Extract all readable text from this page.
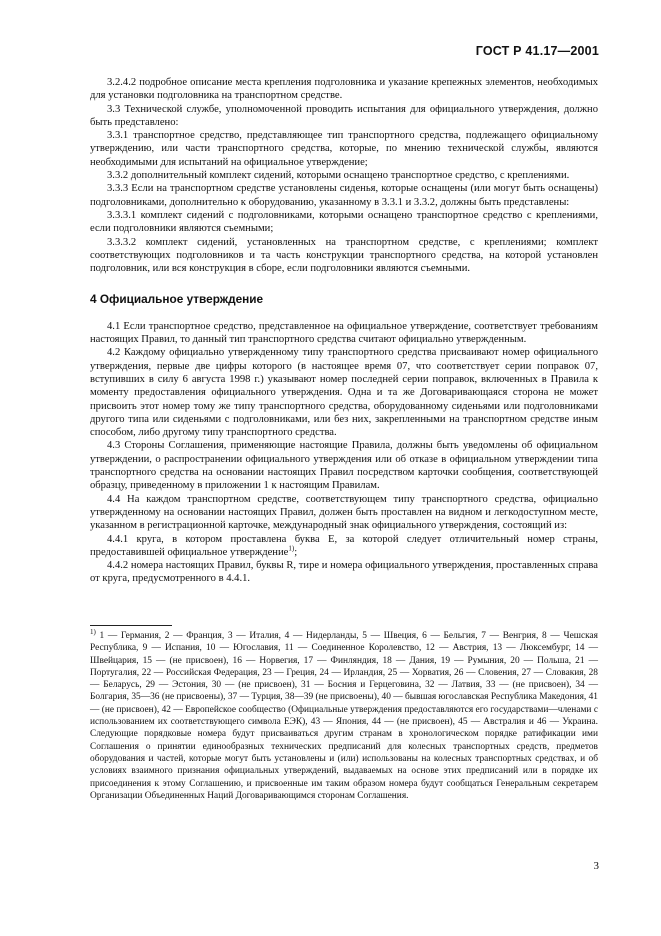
ГОСТ Р 41.17—2001

3.2.4.2 подробное описание места крепления подголовника и указание крепежных элементов, необходимых для установки подголовника на транспортном средстве.

3.3 Технической службе, уполномоченной проводить испытания для официального утверждения, должно быть представлено:

3.3.1 транспортное средство, представляющее тип транспортного средства, подлежащего официальному утверждению, или части транспортного средства, которые, по мнению технической службы, являются необходимыми для испытаний на официальное утверждение;

3.3.2 дополнительный комплект сидений, которыми оснащено транспортное средство, с креплениями.

3.3.3 Если на транспортном средстве установлены сиденья, которые оснащены (или могут быть оснащены) подголовниками, дополнительно к оборудованию, указанному в 3.3.1 и 3.3.2, должны быть представлены:

3.3.3.1 комплект сидений с подголовниками, которыми оснащено транспортное средство с креплениями, если подголовники являются съемными;

3.3.3.2 комплект сидений, установленных на транспортном средстве, с креплениями; комплект соответствующих подголовников и та часть конструкции транспортного средства, на которой установлен подголовник, или вся конструкция в сборе, если подголовники являются съемными.

4 Официальное утверждение

4.1 Если транспортное средство, представленное на официальное утверждение, соответствует требованиям настоящих Правил, то данный тип транспортного средства считают официально утвержденным.

4.2 Каждому официально утвержденному типу транспортного средства присваивают номер официального утверждения, первые две цифры которого (в настоящее время 07, что соответствует серии поправок 07, вступивших в силу 6 августа 1998 г.) указывают номер последней серии поправок, включенных в Правила к моменту предоставления официального утверждения. Одна и та же Договаривающаяся сторона не может присвоить этот номер тому же типу транспортного средства, оборудованному сиденьями или подголовниками другого типа или сиденьями с подголовниками, или без них, закрепленными на транспортном средстве иным способом, либо другому типу транспортного средства.

4.3 Стороны Соглашения, применяющие настоящие Правила, должны быть уведомлены об официальном утверждении, о распространении официального утверждения или об отказе в официальном утверждении типа транспортного средства на основании настоящих Правил посредством карточки сообщения, соответствующей образцу, приведенному в приложении 1 к настоящим Правилам.

4.4 На каждом транспортном средстве, соответствующем типу транспортного средства, официально утвержденному на основании настоящих Правил, должен быть проставлен на видном и легкодоступном месте, указанном в регистрационной карточке, международный знак официального утверждения, состоящий из:

4.4.1 круга, в котором проставлена буква Е, за которой следует отличительный номер страны, предоставившей официальное утверждение$^{1)}$;

4.4.2 номера настоящих Правил, буквы R, тире и номера официального утверждения, проставленных справа от круга, предусмотренного в 4.4.1.

$^{1)}$ 1 — Германия, 2 — Франция, 3 — Италия, 4 — Нидерланды, 5 — Швеция, 6 — Бельгия, 7 — Венгрия, 8 — Чешская Республика, 9 — Испания, 10 — Югославия, 11 — Соединенное Королевство, 12 — Австрия, 13 — Люксембург, 14 — Швейцария, 15 — (не присвоен), 16 — Норвегия, 17 — Финляндия, 18 — Дания, 19 — Румыния, 20 — Польша, 21 — Португалия, 22 — Российская Федерация, 23 — Греция, 24 — Ирландия, 25 — Хорватия, 26 — Словения, 27 — Словакия, 28 — Беларусь, 29 — Эстония, 30 — (не присвоен), 31 — Босния и Герцеговина, 32 — Латвия, 33 — (не присвоен), 34 — Болгария, 35—36 (не присвоены), 37 — Турция, 38—39 (не присвоены), 40 — бывшая югославская Республика Македония, 41 — (не присвоен), 42 — Европейское сообщество (Официальные утверждения предоставляются его государствами—членами с использованием их соответствующего символа ЕЭК), 43 — Япония, 44 — (не присвоен), 45 — Австралия и 46 — Украина. Следующие порядковые номера будут присваиваться другим странам в хронологическом порядке ратификации ими Соглашения о принятии единообразных технических предписаний для колесных транспортных средств, предметов оборудования и частей, которые могут быть установлены и (или) использованы на колесных транспортных средствах, и об условиях взаимного признания официальных утверждений, выдаваемых на основе этих предписаний или в порядке их присоединения к этому Соглашению, и присвоенные им таким образом номера будут сообщаться Генеральным секретарем Организации Объединенных Наций Договаривающимся сторонам Соглашения.

3
